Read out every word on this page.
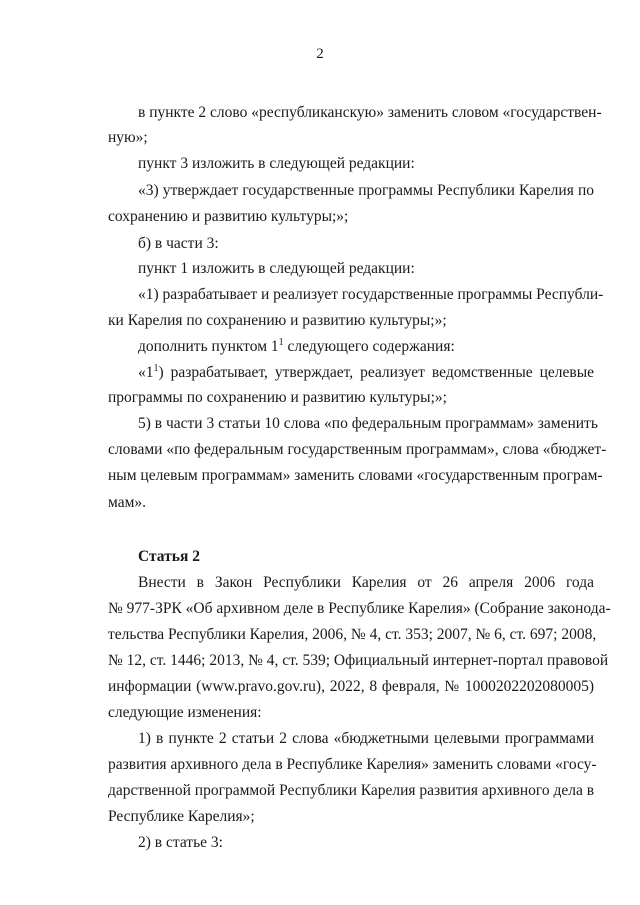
2
в пункте 2 слово «республиканскую» заменить словом «государствен-
ную»;
пункт 3 изложить в следующей редакции:
«3) утверждает государственные программы Республики Карелия по
сохранению и развитию культуры;»;
б) в части 3:
пункт 1 изложить в следующей редакции:
«1) разрабатывает и реализует государственные программы Республи-
ки Карелия по сохранению и развитию культуры;»;
дополнить пунктом $1^1$ следующего содержания:
«$1^1$) разрабатывает, утверждает, реализует ведомственные целевые
программы по сохранению и развитию культуры;»;
5) в части 3 статьи 10 слова «по федеральным программам» заменить
словами «по федеральным государственным программам», слова «бюджет-
ным целевым программам» заменить словами «государственным програм-
мам».
Статья 2
Внести в Закон Республики Карелия от 26 апреля 2006 года
№ 977-ЗРК «Об архивном деле в Республике Карелия» (Собрание законода-
тельства Республики Карелия, 2006, № 4, ст. 353; 2007, № 6, ст. 697; 2008,
№ 12, ст. 1446; 2013, № 4, ст. 539; Официальный интернет-портал правовой
информации (www.pravo.gov.ru), 2022, 8 февраля, № 1000202202080005)
следующие изменения:
1) в пункте 2 статьи 2 слова «бюджетными целевыми программами
развития архивного дела в Республике Карелия» заменить словами «госу-
дарственной программой Республики Карелия развития архивного дела в
Республике Карелия»;
2) в статье 3:
